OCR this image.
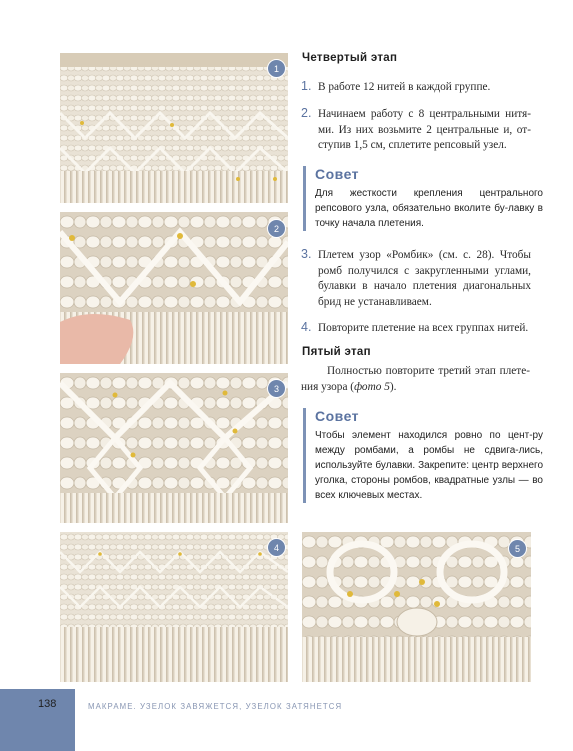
1
2
3
4	5
Четвертый этап
1. В работе 12 нитей в каждой группе.
2. Начинаем работу с 8 центральными нитя-ми. Из них возьмите 2 центральные и, от-ступив 1,5 см, сплетите репсовый узел.
Совет
Для жесткости крепления центрального репсового узла, обязательно вколите бу-лавку в точку начала плетения.
3. Плетем узор «Ромбик» (см. с. 28). Чтобы ромб получился с закругленными углами, булавки в начало плетения диагональных брид не устанавливаем.
4. Повторите плетение на всех группах нитей.
Пятый этап
Полностью повторите третий этап плете-ния узора (фото 5).
Совет
Чтобы элемент находился ровно по цент-ру между ромбами, а ромбы не сдвига-лись, используйте булавки. Закрепите: центр верхнего уголка, стороны ромбов, квадратные узлы — во всех ключевых местах.
138	МАКРАМЕ. УЗЕЛОК ЗАВЯЖЕТСЯ, УЗЕЛОК ЗАТЯНЕТСЯ
